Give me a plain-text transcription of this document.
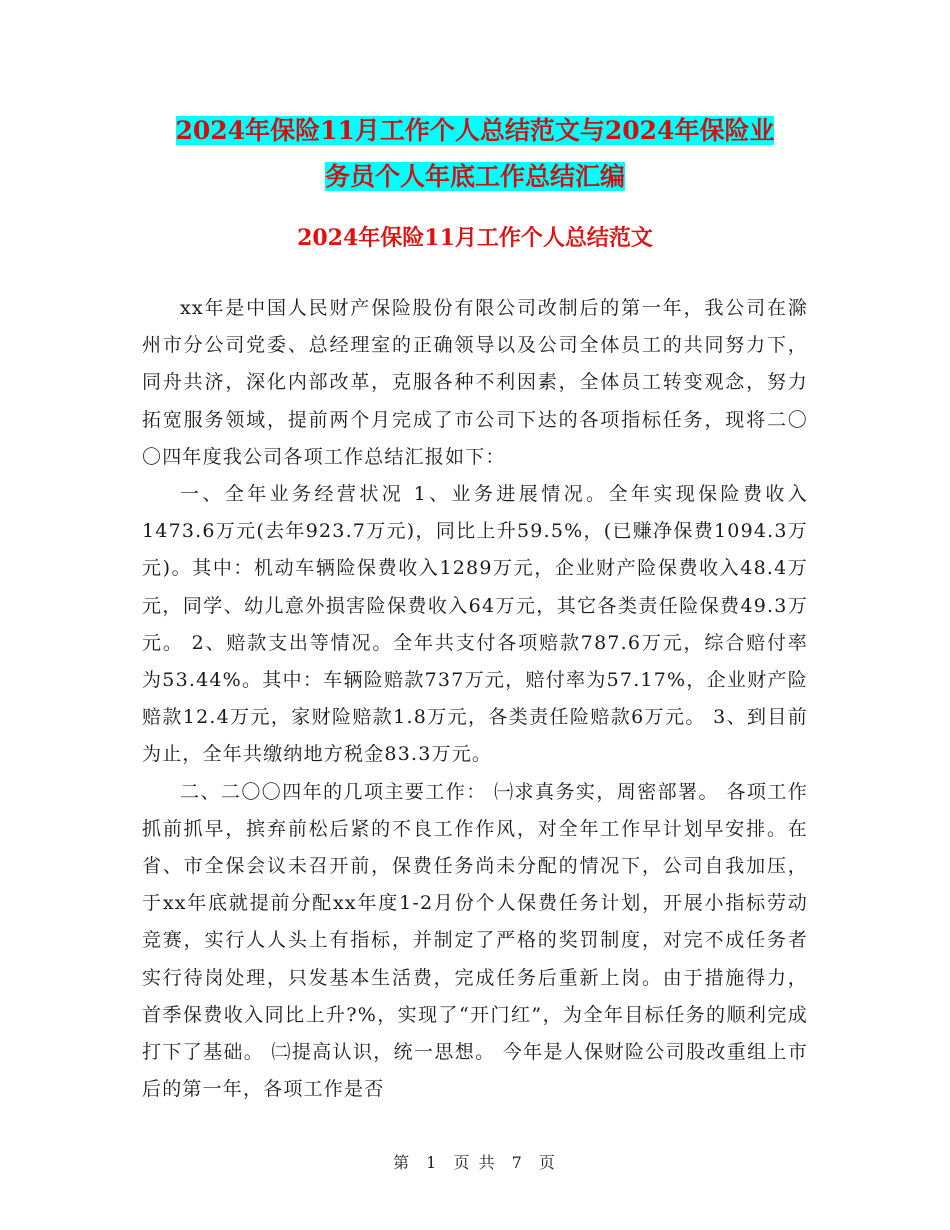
2024年保险11月工作个人总结范文与2024年保险业
务员个人年底工作总结汇编
2024年保险11月工作个人总结范文

xx年是中国人民财产保险股份有限公司改制后的第一年，我公司在滁州市分公司党委、总经理室的正确领导以及公司全体员工的共同努力下，同舟共济，深化内部改革，克服各种不利因素，全体员工转变观念，努力拓宽服务领域，提前两个月完成了市公司下达的各项指标任务，现将二〇〇四年度我公司各项工作总结汇报如下：

一、全年业务经营状况 1、业务进展情况。全年实现保险费收入1473.6万元(去年923.7万元)，同比上升59.5%，(已赚净保费1094.3万元)。其中：机动车辆险保费收入1289万元，企业财产险保费收入48.4万元，同学、幼儿意外损害险保费收入64万元，其它各类责任险保费49.3万元。 2、赔款支出等情况。全年共支付各项赔款787.6万元，综合赔付率为53.44%。其中：车辆险赔款737万元，赔付率为57.17%，企业财产险赔款12.4万元，家财险赔款1.8万元，各类责任险赔款6万元。 3、到目前为止，全年共缴纳地方税金83.3万元。

二、二〇〇四年的几项主要工作： ㈠求真务实，周密部署。 各项工作抓前抓早，摈弃前松后紧的不良工作作风，对全年工作早计划早安排。在省、市全保会议未召开前，保费任务尚未分配的情况下，公司自我加压，于xx年底就提前分配xx年度1-2月份个人保费任务计划，开展小指标劳动竞赛，实行人人头上有指标，并制定了严格的奖罚制度，对完不成任务者实行待岗处理，只发基本生活费，完成任务后重新上岗。由于措施得力，首季保费收入同比上升?%，实现了“开门红”，为全年目标任务的顺利完成打下了基础。 ㈡提高认识，统一思想。 今年是人保财险公司股改重组上市后的第一年，各项工作是否

第 1 页 共 7 页
